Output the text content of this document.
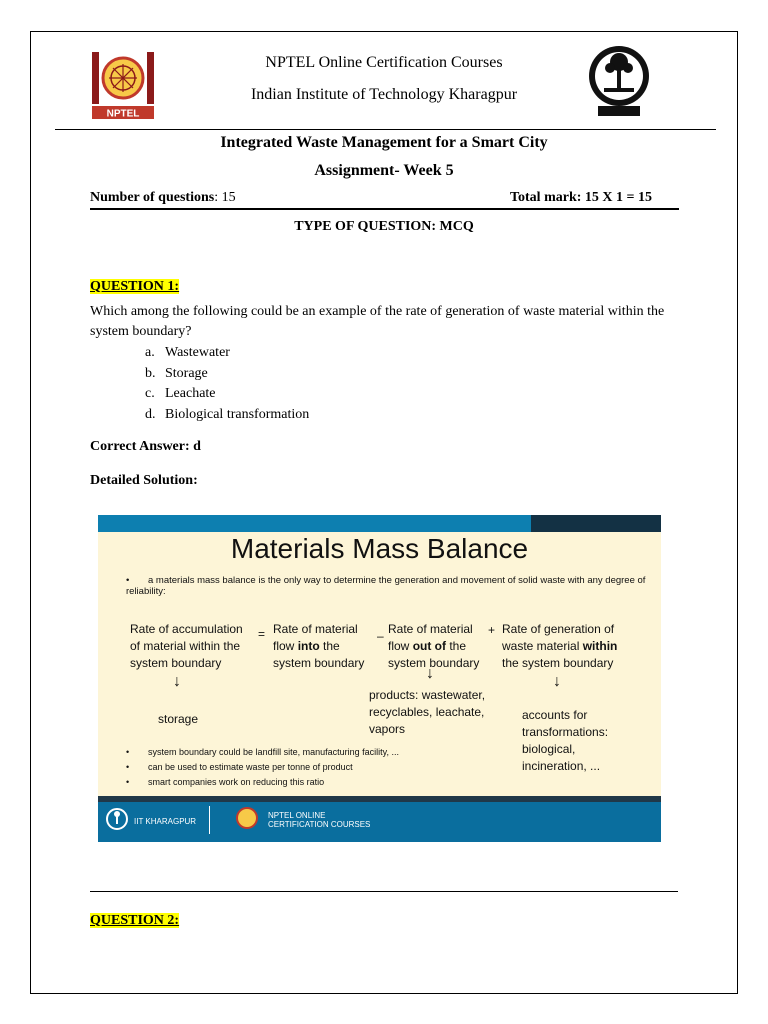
NPTEL
NPTEL Online Certification Courses
Indian Institute of Technology Kharagpur
Integrated Waste Management for a Smart City
Assignment- Week 5
Number of questions: 15	Total mark: 15 X 1 = 15
TYPE OF QUESTION: MCQ
QUESTION 1:
Which among the following could be an example of the rate of generation of waste material within the system boundary?
a. Wastewater
b. Storage
c. Leachate
d. Biological transformation
Correct Answer: d
Detailed Solution:
Materials Mass Balance
• a materials mass balance is the only way to determine the generation and movement of solid waste with any degree of reliability:
Rate of accumulation
of material within the
system boundary
= Rate of material
flow into the
system boundary
– Rate of material
flow out of the
system boundary
+ Rate of generation of
waste material within
the system boundary
↓	↓	↓
storage
products: wastewater,
recyclables, leachate,
vapors
accounts for
transformations:
biological,
incineration, ...
• system boundary could be landfill site, manufacturing facility, ...
• can be used to estimate waste per tonne of product
• smart companies work on reducing this ratio
IIT KHARAGPUR
NPTEL ONLINE
CERTIFICATION COURSES
QUESTION 2:
